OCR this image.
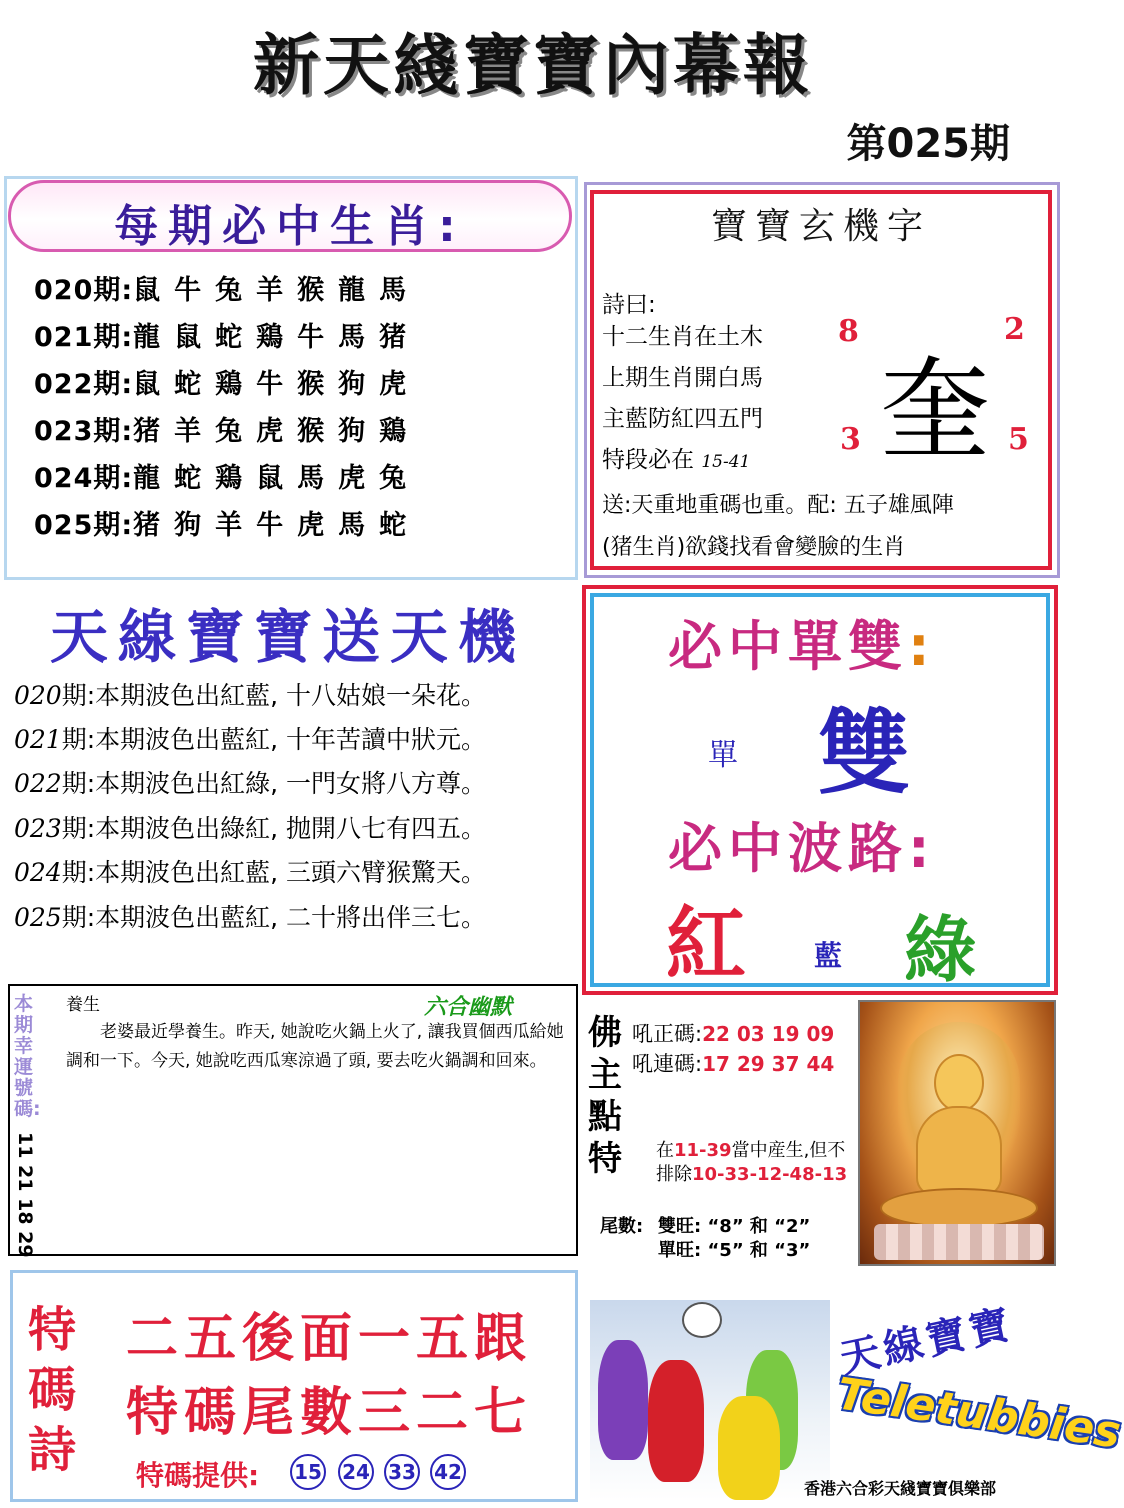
新天綫寶寶內幕報
第025期
每期必中生肖:
020期:鼠牛兔羊猴龍馬
021期:龍鼠蛇鶏牛馬猪
022期:鼠蛇鶏牛猴狗虎
023期:猪羊兔虎猴狗鶏
024期:龍蛇鶏鼠馬虎兔
025期:猪狗羊牛虎馬蛇
寶寶玄機字
詩曰:
十二生肖在土木
上期生肖開白馬
主藍防紅四五門
特段必在 15-41
送:天重地重碼也重。配: 五子雄風陣
(猪生肖)欲錢找看會變臉的生肖
8	2
3	5
奎
天線寶寶送天機
020期:本期波色出紅藍, 十八姑娘一朵花。
021期:本期波色出藍紅, 十年苦讀中狀元。
022期:本期波色出紅綠, 一門女將八方尊。
023期:本期波色出綠紅, 抛開八七有四五。
024期:本期波色出紅藍, 三頭六臂猴驚天。
025期:本期波色出藍紅, 二十將出伴三七。
必中單雙:
單 雙
必中波路:
紅 藍 綠
本期幸運號碼:
11 21 18 29
養生	六合幽默
老婆最近學養生。昨天, 她說吃火鍋上火了, 讓我買個西瓜給她調和一下。今天, 她說吃西瓜寒涼過了頭, 要去吃火鍋調和回來。
佛主點特
吼正碼:22 03 19 09
吼連碼:17 29 37 44
在11-39當中産生,但不
排除10-33-12-48-13
尾數: 雙旺: “8” 和 “2”
單旺: “5” 和 “3”
特碼詩
二五後面一五跟
特碼尾數三二七
特碼提供: 15 24 33 42
天線寶寶
Teletubbies
香港六合彩天綫寶寶俱樂部
